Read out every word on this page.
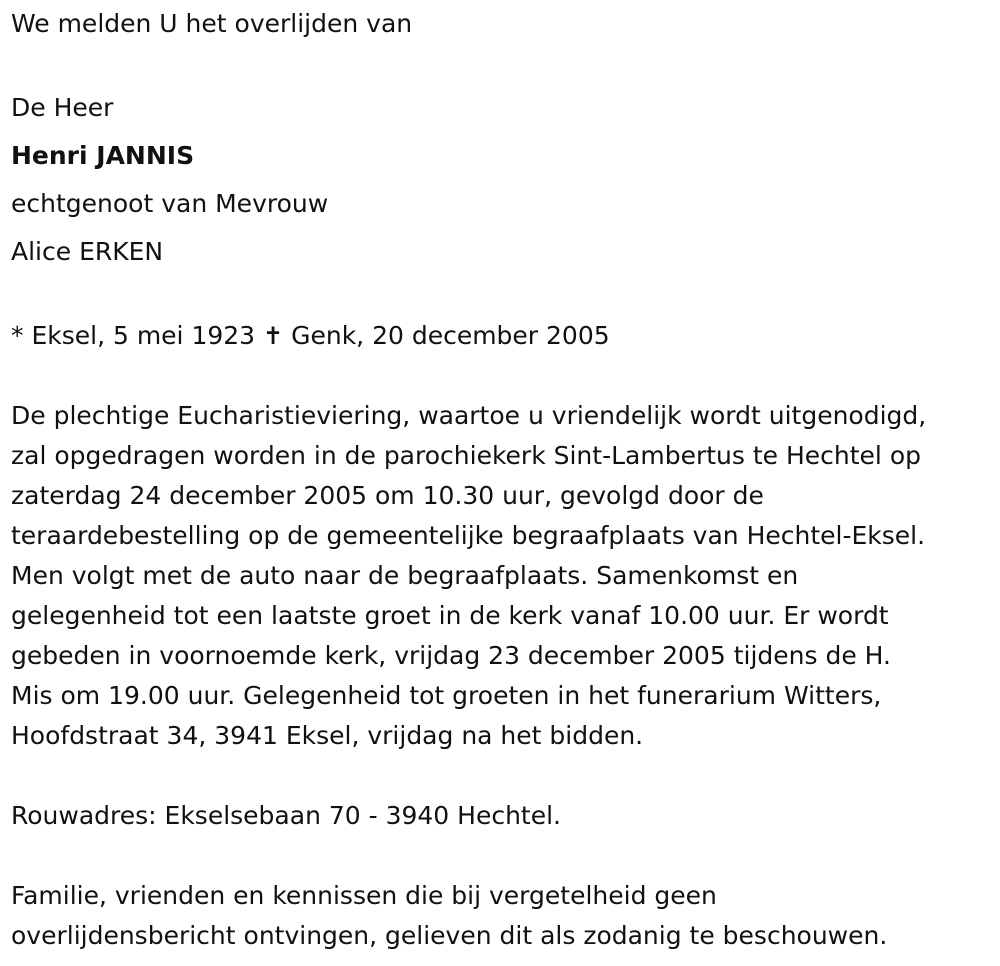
We melden U het overlijden van

De Heer

Henri JANNIS

echtgenoot van Mevrouw

Alice ERKEN

* Eksel, 5 mei 1923 ✝ Genk, 20 december 2005

De plechtige Eucharistieviering, waartoe u vriendelijk wordt uitgenodigd,

zal opgedragen worden in de parochiekerk Sint-Lambertus te Hechtel op

zaterdag 24 december 2005 om 10.30 uur, gevolgd door de

teraardebestelling op de gemeentelijke begraafplaats van Hechtel-Eksel.

Men volgt met de auto naar de begraafplaats. Samenkomst en

gelegenheid tot een laatste groet in de kerk vanaf 10.00 uur. Er wordt

gebeden in voornoemde kerk, vrijdag 23 december 2005 tijdens de H.

Mis om 19.00 uur. Gelegenheid tot groeten in het funerarium Witters,

Hoofdstraat 34, 3941 Eksel, vrijdag na het bidden.

Rouwadres: Ekselsebaan 70 - 3940 Hechtel.

Familie, vrienden en kennissen die bij vergetelheid geen

overlijdensbericht ontvingen, gelieven dit als zodanig te beschouwen.
